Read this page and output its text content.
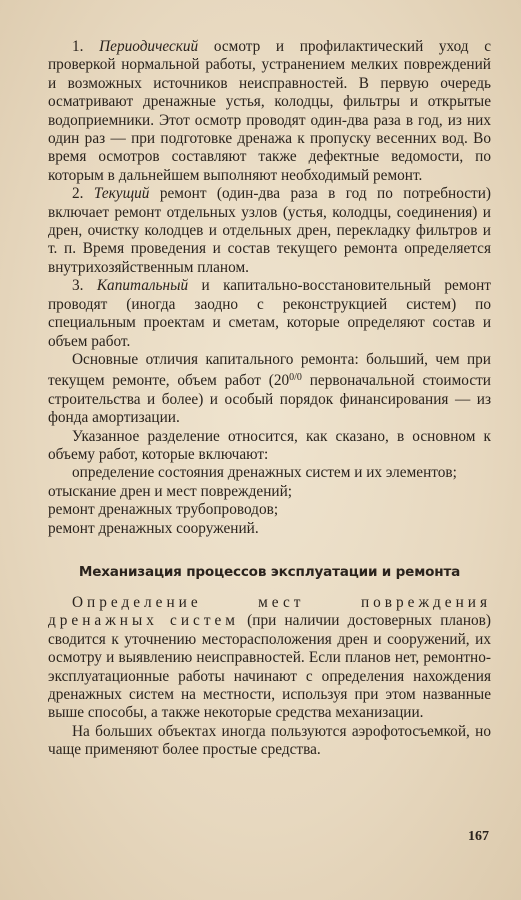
1. Периодический осмотр и профилактический уход с проверкой нормальной работы, устранением мелких повреждений и возможных источников неисправностей. В первую очередь осматривают дренажные устья, колодцы, фильтры и открытые водоприемники. Этот осмотр проводят один-два раза в год, из них один раз — при подготовке дренажа к пропуску весенних вод. Во время осмотров составляют также дефектные ведомости, по которым в дальнейшем выполняют необходимый ремонт.

2. Текущий ремонт (один-два раза в год по потребности) включает ремонт отдельных узлов (устья, колодцы, соединения) и дрен, очистку колодцев и отдельных дрен, перекладку фильтров и т. п. Время проведения и состав текущего ремонта определяется внутрихозяйственным планом.

3. Капитальный и капитально-восстановительный ремонт проводят (иногда заодно с реконструкцией систем) по специальным проектам и сметам, которые определяют состав и объем работ.

Основные отличия капитального ремонта: больший, чем при текущем ремонте, объем работ ($20^{0/0}$ первоначальной стоимости строительства и более) и особый порядок финансирования — из фонда амортизации.

Указанное разделение относится, как сказано, в основном к объему работ, которые включают:

определение состояния дренажных систем и их элементов;

отыскание дрен и мест повреждений;

ремонт дренажных трубопроводов;

ремонт дренажных сооружений.

Механизация процессов эксплуатации и ремонта

Определение мест повреждения дренажных систем (при наличии достоверных планов) сводится к уточнению месторасположения дрен и сооружений, их осмотру и выявлению неисправностей. Если планов нет, ремонтно-эксплуатационные работы начинают с определения нахождения дренажных систем на местности, используя при этом названные выше способы, а также некоторые средства механизации.

На больших объектах иногда пользуются аэрофотосъемкой, но чаще применяют более простые средства.

167
